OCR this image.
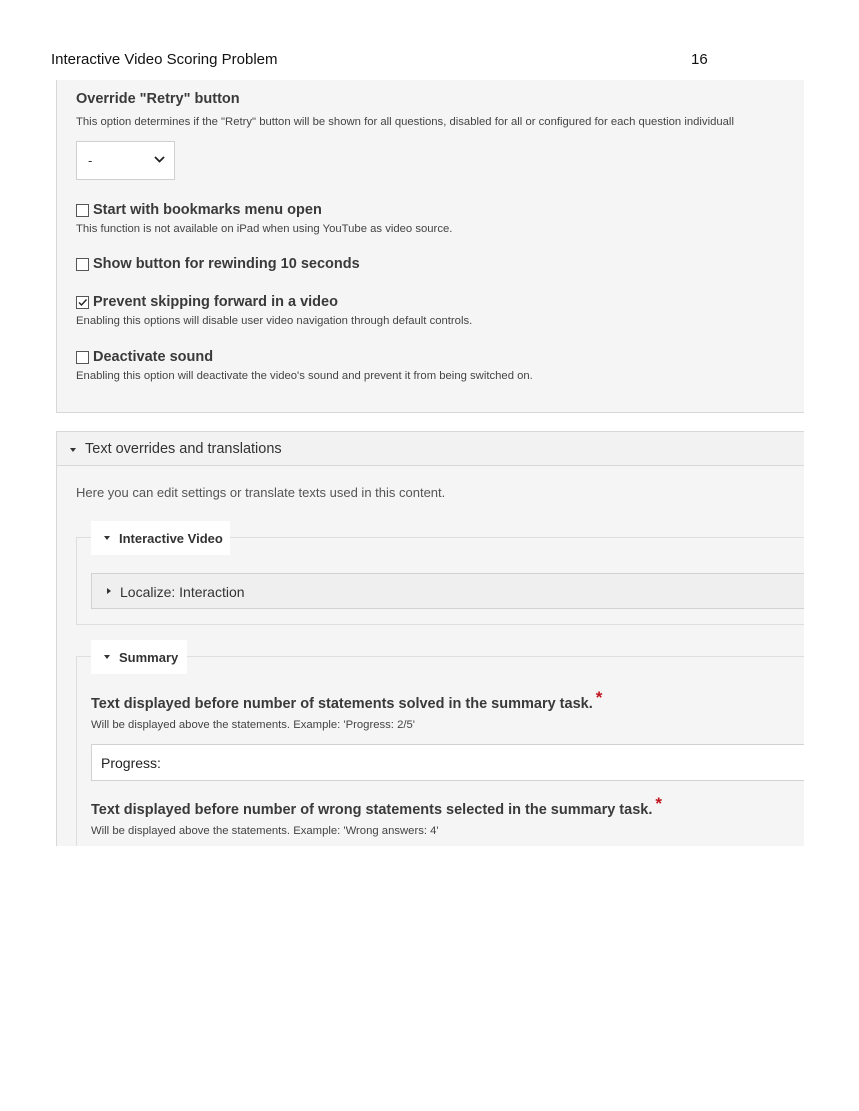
Interactive Video Scoring Problem	16
Override "Retry" button
This option determines if the "Retry" button will be shown for all questions, disabled for all or configured for each question individuall
-
Start with bookmarks menu open
This function is not available on iPad when using YouTube as video source.
Show button for rewinding 10 seconds
Prevent skipping forward in a video
Enabling this options will disable user video navigation through default controls.
Deactivate sound
Enabling this option will deactivate the video's sound and prevent it from being switched on.
Text overrides and translations
Here you can edit settings or translate texts used in this content.
Interactive Video
Localize: Interaction
Summary
Text displayed before number of statements solved in the summary task. *
Will be displayed above the statements. Example: 'Progress: 2/5'
Progress:
Text displayed before number of wrong statements selected in the summary task. *
Will be displayed above the statements. Example: 'Wrong answers: 4'
